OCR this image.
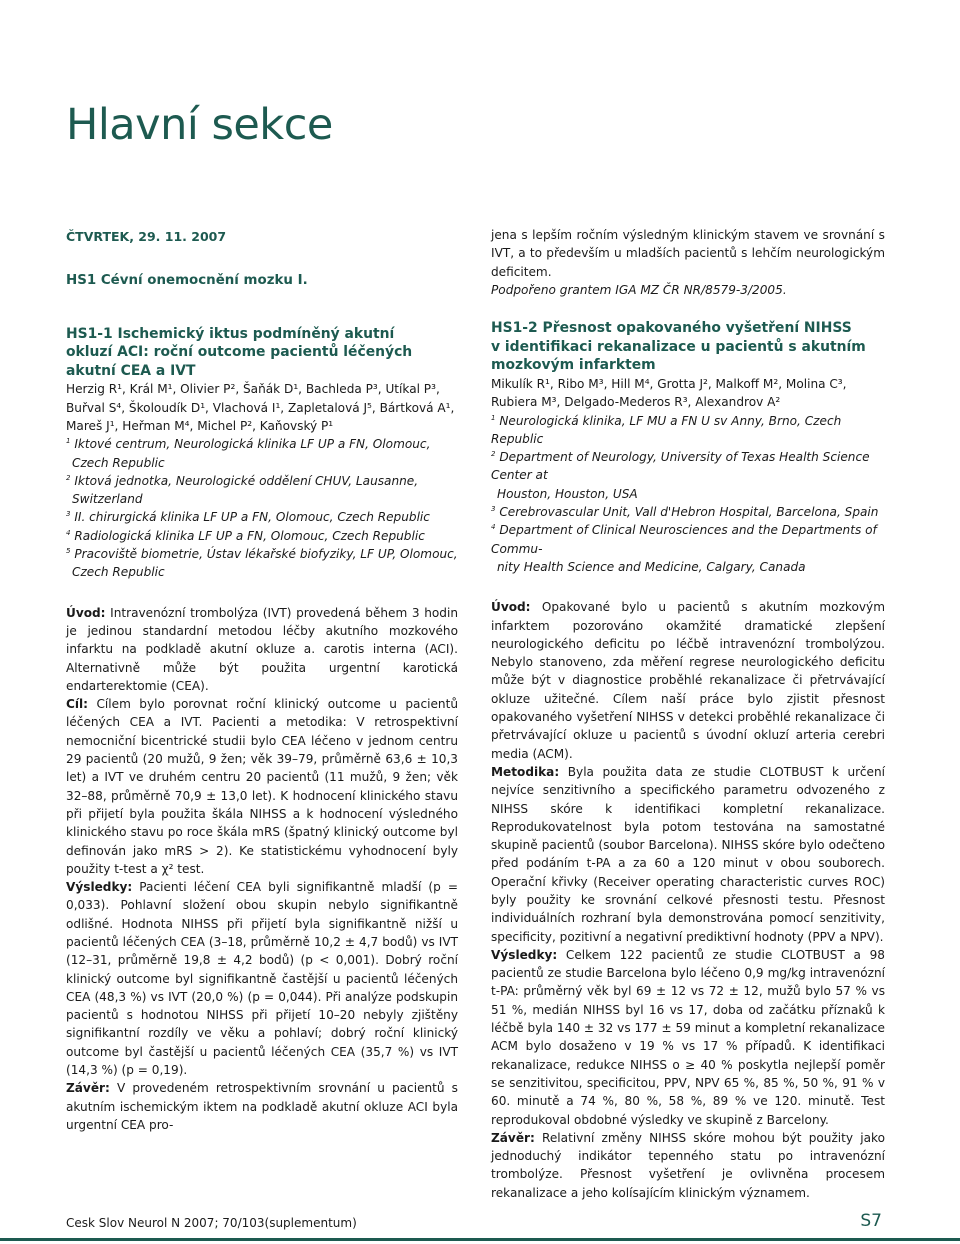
Hlavní sekce

ČTVRTEK, 29. 11. 2007

HS1 Cévní onemocnění mozku I.

HS1-1 Ischemický iktus podmíněný akutní
okluzí ACI: roční outcome pacientů léčených
akutní CEA a IVT
Herzig R¹, Král M¹, Olivier P², Šaňák D¹, Bachleda P³, Utíkal P³,
Buřval S⁴, Školoudík D¹, Vlachová I¹, Zapletalová J⁵, Bártková A¹,
Mareš J¹, Heřman M⁴, Michel P², Kaňovský P¹
$^1$ Iktové centrum, Neurologická klinika LF UP a FN, Olomouc,
Czech Republic
$^2$ Iktová jednotka, Neurologické oddělení CHUV, Lausanne,
Switzerland
$^3$ II. chirurgická klinika LF UP a FN, Olomouc, Czech Republic
$^4$ Radiologická klinika LF UP a FN, Olomouc, Czech Republic
$^5$ Pracoviště biometrie, Ústav lékařské biofyziky, LF UP, Olomouc,
Czech Republic

Úvod: Intravenózní trombolýza (IVT) provedená během 3 hodin je jedinou standardní metodou léčby akutního mozkového infarktu na podkladě akutní okluze a. carotis interna (ACI). Alternativně může být použita urgentní karotická endarterektomie (CEA).

Cíl: Cílem bylo porovnat roční klinický outcome u pacientů léčených CEA a IVT. Pacienti a metodika: V retrospektivní nemocniční bicentrické studii bylo CEA léčeno v jednom centru 29 pacientů (20 mužů, 9 žen; věk 39–79, průměrně 63,6 ± 10,3 let) a IVT ve druhém centru 20 pacientů (11 mužů, 9 žen; věk 32–88, průměrně 70,9 ± 13,0 let). K hodnocení klinického stavu při přijetí byla použita škála NIHSS a k hodnocení výsledného klinického stavu po roce škála mRS (špatný klinický outcome byl definován jako mRS > 2). Ke statistickému vyhodnocení byly použity t-test a χ² test.

Výsledky: Pacienti léčení CEA byli signifikantně mladší (p = 0,033). Pohlavní složení obou skupin nebylo signifikantně odlišné. Hodnota NIHSS při přijetí byla signifikantně nižší u pacientů léčených CEA (3–18, průměrně 10,2 ± 4,7 bodů) vs IVT (12–31, průměrně 19,8 ± 4,2 bodů) (p < 0,001). Dobrý roční klinický outcome byl signifikantně častější u pacientů léčených CEA (48,3 %) vs IVT (20,0 %) (p = 0,044). Při analýze podskupin pacientů s hodnotou NIHSS při přijetí 10–20 nebyly zjištěny signifikantní rozdíly ve věku a pohlaví; dobrý roční klinický outcome byl častější u pacientů léčených CEA (35,7 %) vs IVT (14,3 %) (p = 0,19).

Závěr: V provedeném retrospektivním srovnání u pacientů s akutním ischemickým iktem na podkladě akutní okluze ACI byla urgentní CEA pro-

jena s lepším ročním výsledným klinickým stavem ve srovnání s IVT, a to především u mladších pacientů s lehčím neurologickým deficitem.

Podpořeno grantem IGA MZ ČR NR/8579-3/2005.

HS1-2 Přesnost opakovaného vyšetření NIHSS
v identifikaci rekanalizace u pacientů s akutním
mozkovým infarktem
Mikulík R¹, Ribo M³, Hill M⁴, Grotta J², Malkoff M², Molina C³,
Rubiera M³, Delgado-Mederos R³, Alexandrov A²
$^1$ Neurologická klinika, LF MU a FN U sv Anny, Brno, Czech Republic
$^2$ Department of Neurology, University of Texas Health Science Center at
Houston, Houston, USA
$^3$ Cerebrovascular Unit, Vall d'Hebron Hospital, Barcelona, Spain
$^4$ Department of Clinical Neurosciences and the Departments of Commu-
nity Health Science and Medicine, Calgary, Canada

Úvod: Opakované bylo u pacientů s akutním mozkovým infarktem pozorováno okamžité dramatické zlepšení neurologického deficitu po léčbě intravenózní trombolýzou. Nebylo stanoveno, zda měření regrese neurologického deficitu může být v diagnostice proběhlé rekanalizace či přetrvávající okluze užitečné. Cílem naší práce bylo zjistit přesnost opakovaného vyšetření NIHSS v detekci proběhlé rekanalizace či přetrvávající okluze u pacientů s úvodní okluzí arteria cerebri media (ACM).

Metodika: Byla použita data ze studie CLOTBUST k určení nejvíce senzitivního a specifického parametru odvozeného z NIHSS skóre k identifikaci kompletní rekanalizace. Reprodukovatelnost byla potom testována na samostatné skupině pacientů (soubor Barcelona). NIHSS skóre bylo odečteno před podáním t-PA a za 60 a 120 minut v obou souborech. Operační křivky (Receiver operating characteristic curves ROC) byly použity ke srovnání celkové přesnosti testu. Přesnost individuálních rozhraní byla demonstrována pomocí senzitivity, specificity, pozitivní a negativní prediktivní hodnoty (PPV a NPV).

Výsledky: Celkem 122 pacientů ze studie CLOTBUST a 98 pacientů ze studie Barcelona bylo léčeno 0,9 mg/kg intravenózní t-PA: průměrný věk byl 69 ± 12 vs 72 ± 12, mužů bylo 57 % vs 51 %, medián NIHSS byl 16 vs 17, doba od začátku příznaků k léčbě byla 140 ± 32 vs 177 ± 59 minut a kompletní rekanalizace ACM bylo dosaženo v 19 % vs 17 % případů. K identifikaci rekanalizace, redukce NIHSS o ≥ 40 % poskytla nejlepší poměr se senzitivitou, specificitou, PPV, NPV 65 %, 85 %, 50 %, 91 % v 60. minutě a 74 %, 80 %, 58 %, 89 % ve 120. minutě. Test reprodukoval obdobné výsledky ve skupině z Barcelony.

Závěr: Relativní změny NIHSS skóre mohou být použity jako jednoduchý indikátor tepenného statu po intravenózní trombolýze. Přesnost vyšetření je ovlivněna procesem rekanalizace a jeho kolísajícím klinickým významem.

Cesk Slov Neurol N 2007; 70/103(suplementum)	S7
